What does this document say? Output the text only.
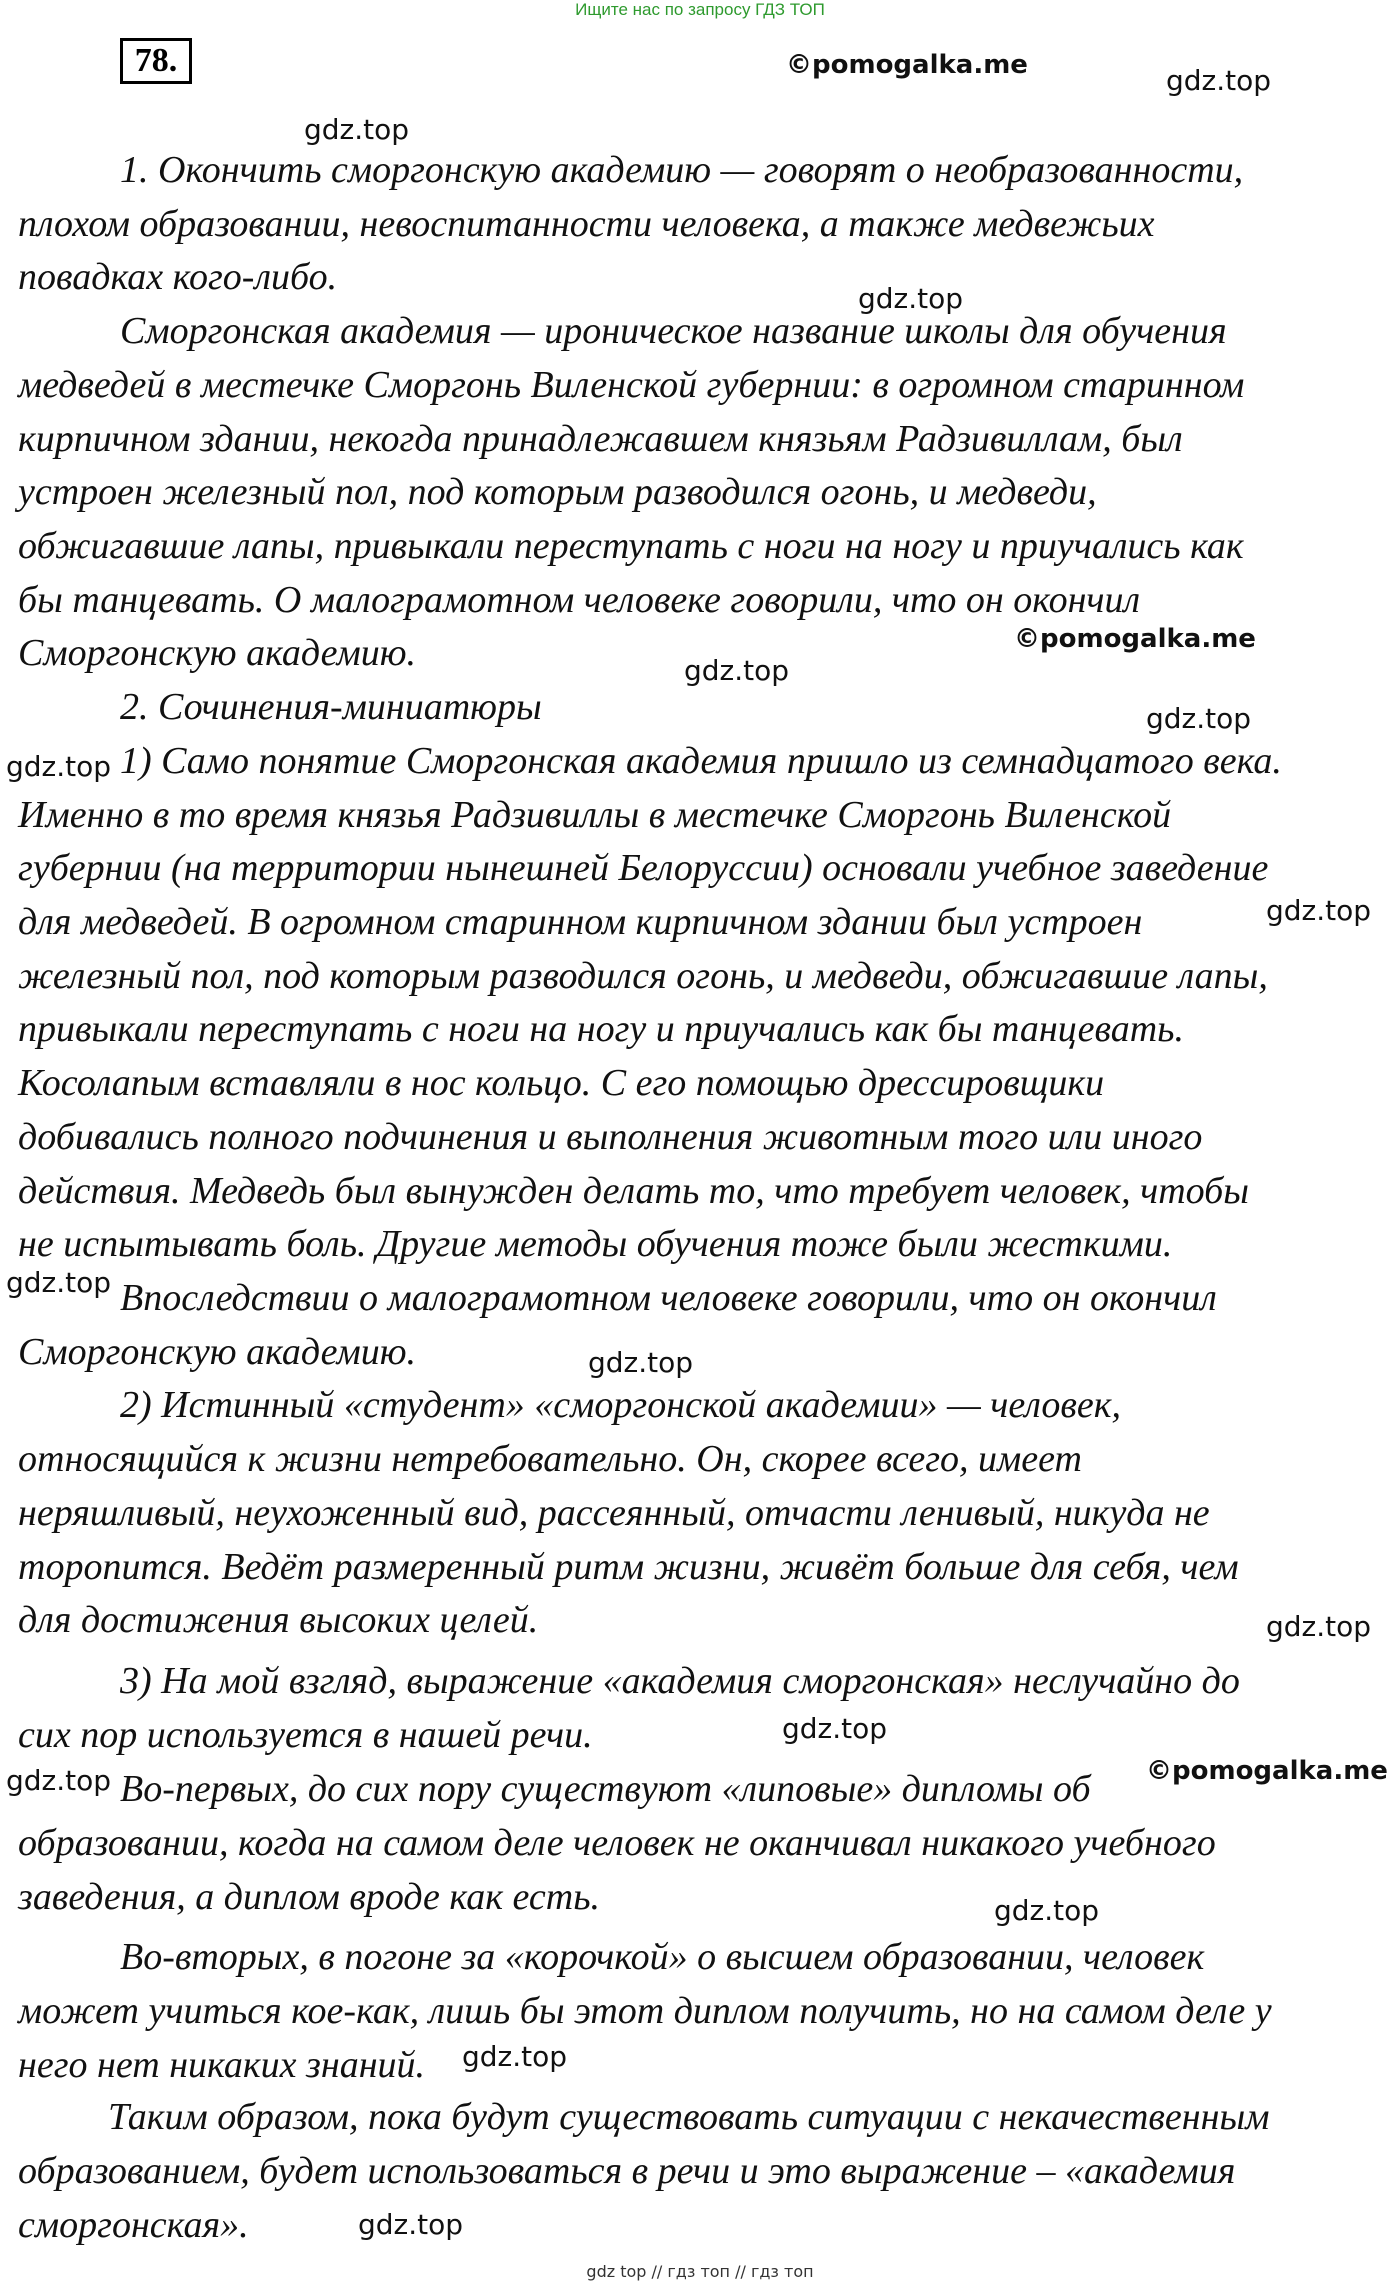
Ищите нас по запросу ГДЗ ТОП
78.	©pomogalka.me	gdz.top
gdz.top
gdz.top
©pomogalka.me
gdz.top
gdz.top
gdz.top
gdz.top
gdz.top
gdz.top
gdz.top
gdz.top
©pomogalka.me
gdz.top
gdz.top
gdz.top
gdz.top
1. Окончить сморгонскую академию — говорят о необразованности,
плохом образовании, невоспитанности человека, а также медвежьих
повадках кого-либо.
Сморгонская академия — ироническое название школы для обучения
медведей в местечке Сморгонь Виленской губернии: в огромном старинном
кирпичном здании, некогда принадлежавшем князьям Радзивиллам, был
устроен железный пол, под которым разводился огонь, и медведи,
обжигавшие лапы, привыкали переступать с ноги на ногу и приучались как
бы танцевать. О малограмотном человеке говорили, что он окончил
Сморгонскую академию.
2. Сочинения-миниатюры
1) Само понятие Сморгонская академия пришло из семнадцатого века.
Именно в то время князья Радзивиллы в местечке Сморгонь Виленской
губернии (на территории нынешней Белоруссии) основали учебное заведение
для медведей. В огромном старинном кирпичном здании был устроен
железный пол, под которым разводился огонь, и медведи, обжигавшие лапы,
привыкали переступать с ноги на ногу и приучались как бы танцевать.
Косолапым вставляли в нос кольцо. С его помощью дрессировщики
добивались полного подчинения и выполнения животным того или иного
действия. Медведь был вынужден делать то, что требует человек, чтобы
не испытывать боль. Другие методы обучения тоже были жесткими.
Впоследствии о малограмотном человеке говорили, что он окончил
Сморгонскую академию.
2) Истинный «студент» «сморгонской академии» — человек,
относящийся к жизни нетребовательно. Он, скорее всего, имеет
неряшливый, неухоженный вид, рассеянный, отчасти ленивый, никуда не
торопится. Ведёт размеренный ритм жизни, живёт больше для себя, чем
для достижения высоких целей.
3) На мой взгляд, выражение «академия сморгонская» неслучайно до
сих пор используется в нашей речи.
Во-первых, до сих пору существуют «липовые» дипломы об
образовании, когда на самом деле человек не оканчивал никакого учебного
заведения, а диплом вроде как есть.
Во-вторых, в погоне за «корочкой» о высшем образовании, человек
может учиться кое-как, лишь бы этот диплом получить, но на самом деле у
него нет никаких знаний.
Таким образом, пока будут существовать ситуации с некачественным
образованием, будет использоваться в речи и это выражение – «академия
сморгонская».
gdz top // гдз топ // гдз топ
